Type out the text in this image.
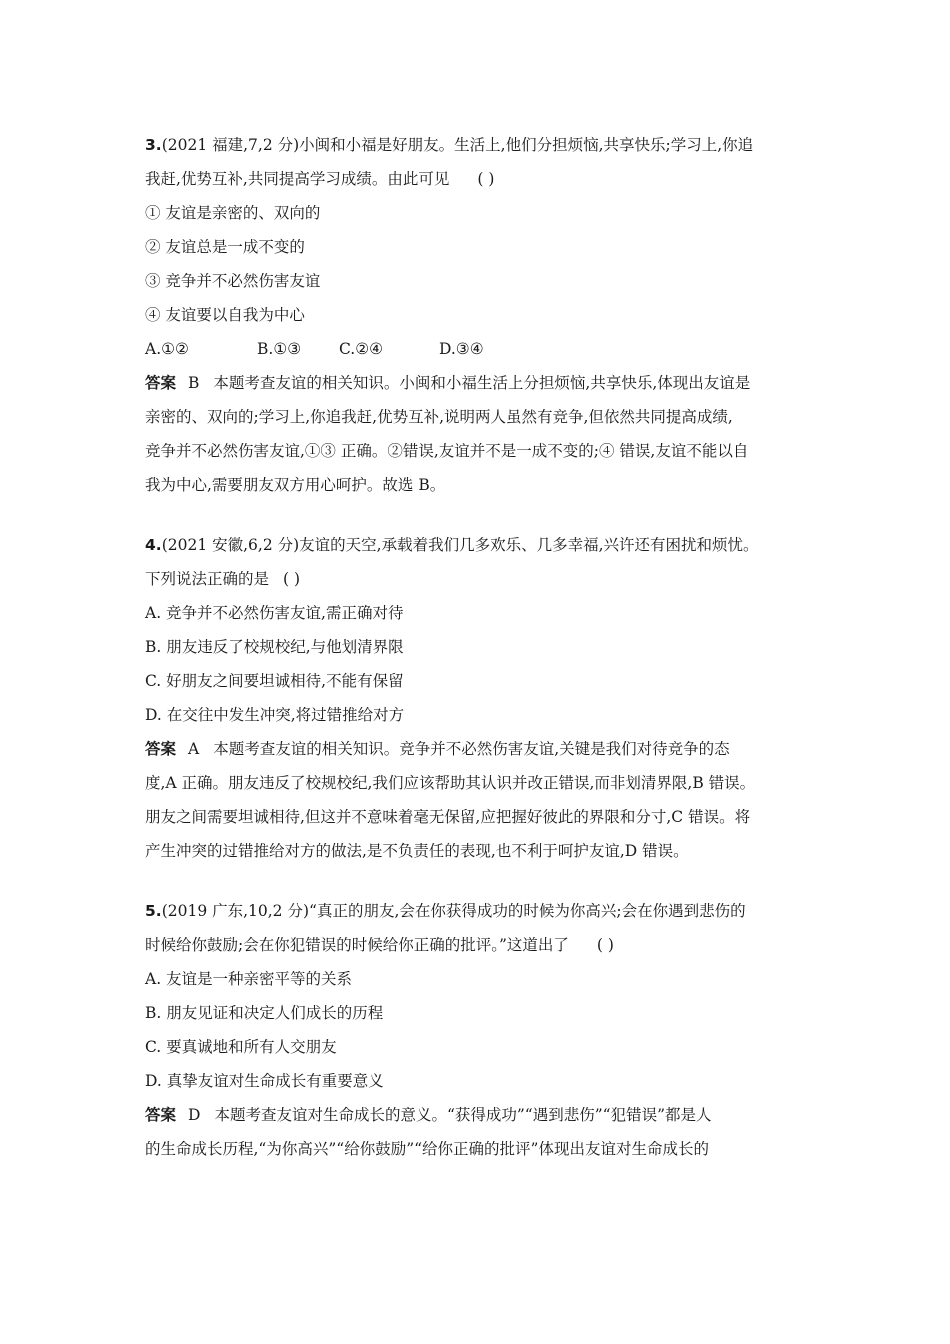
3.(2021 福建,7,2 分)小闽和小福是好朋友。生活上,他们分担烦恼,共享快乐;学习上,你追
我赶,优势互补,共同提高学习成绩。由此可见 ( )
① 友谊是亲密的、双向的
② 友谊总是一成不变的
③ 竞争并不必然伤害友谊
④ 友谊要以自我为中心
A.①②	B.①③ C.②④	D.③④
答案 B 本题考查友谊的相关知识。小闽和小福生活上分担烦恼,共享快乐,体现出友谊是
亲密的、双向的;学习上,你追我赶,优势互补,说明两人虽然有竞争,但依然共同提高成绩,
竞争并不必然伤害友谊,①③ 正确。②错误,友谊并不是一成不变的;④ 错误,友谊不能以自
我为中心,需要朋友双方用心呵护。故选 B。
4.(2021 安徽,6,2 分)友谊的天空,承载着我们几多欢乐、几多幸福,兴许还有困扰和烦忧。
下列说法正确的是 ( )
A. 竞争并不必然伤害友谊,需正确对待
B. 朋友违反了校规校纪,与他划清界限
C. 好朋友之间要坦诚相待,不能有保留
D. 在交往中发生冲突,将过错推给对方
答案 A 本题考查友谊的相关知识。竞争并不必然伤害友谊,关键是我们对待竞争的态
度,A 正确。朋友违反了校规校纪,我们应该帮助其认识并改正错误,而非划清界限,B 错误。
朋友之间需要坦诚相待,但这并不意味着毫无保留,应把握好彼此的界限和分寸,C 错误。将
产生冲突的过错推给对方的做法,是不负责任的表现,也不利于呵护友谊,D 错误。
5.(2019 广东,10,2 分)“真正的朋友,会在你获得成功的时候为你高兴;会在你遇到悲伤的
时候给你鼓励;会在你犯错误的时候给你正确的批评。”这道出了 ( )
A. 友谊是一种亲密平等的关系
B. 朋友见证和决定人们成长的历程
C. 要真诚地和所有人交朋友
D. 真挚友谊对生命成长有重要意义
答案 D 本题考查友谊对生命成长的意义。“获得成功”“遇到悲伤”“犯错误”都是人
的生命成长历程,“为你高兴”“给你鼓励”“给你正确的批评”体现出友谊对生命成长的
